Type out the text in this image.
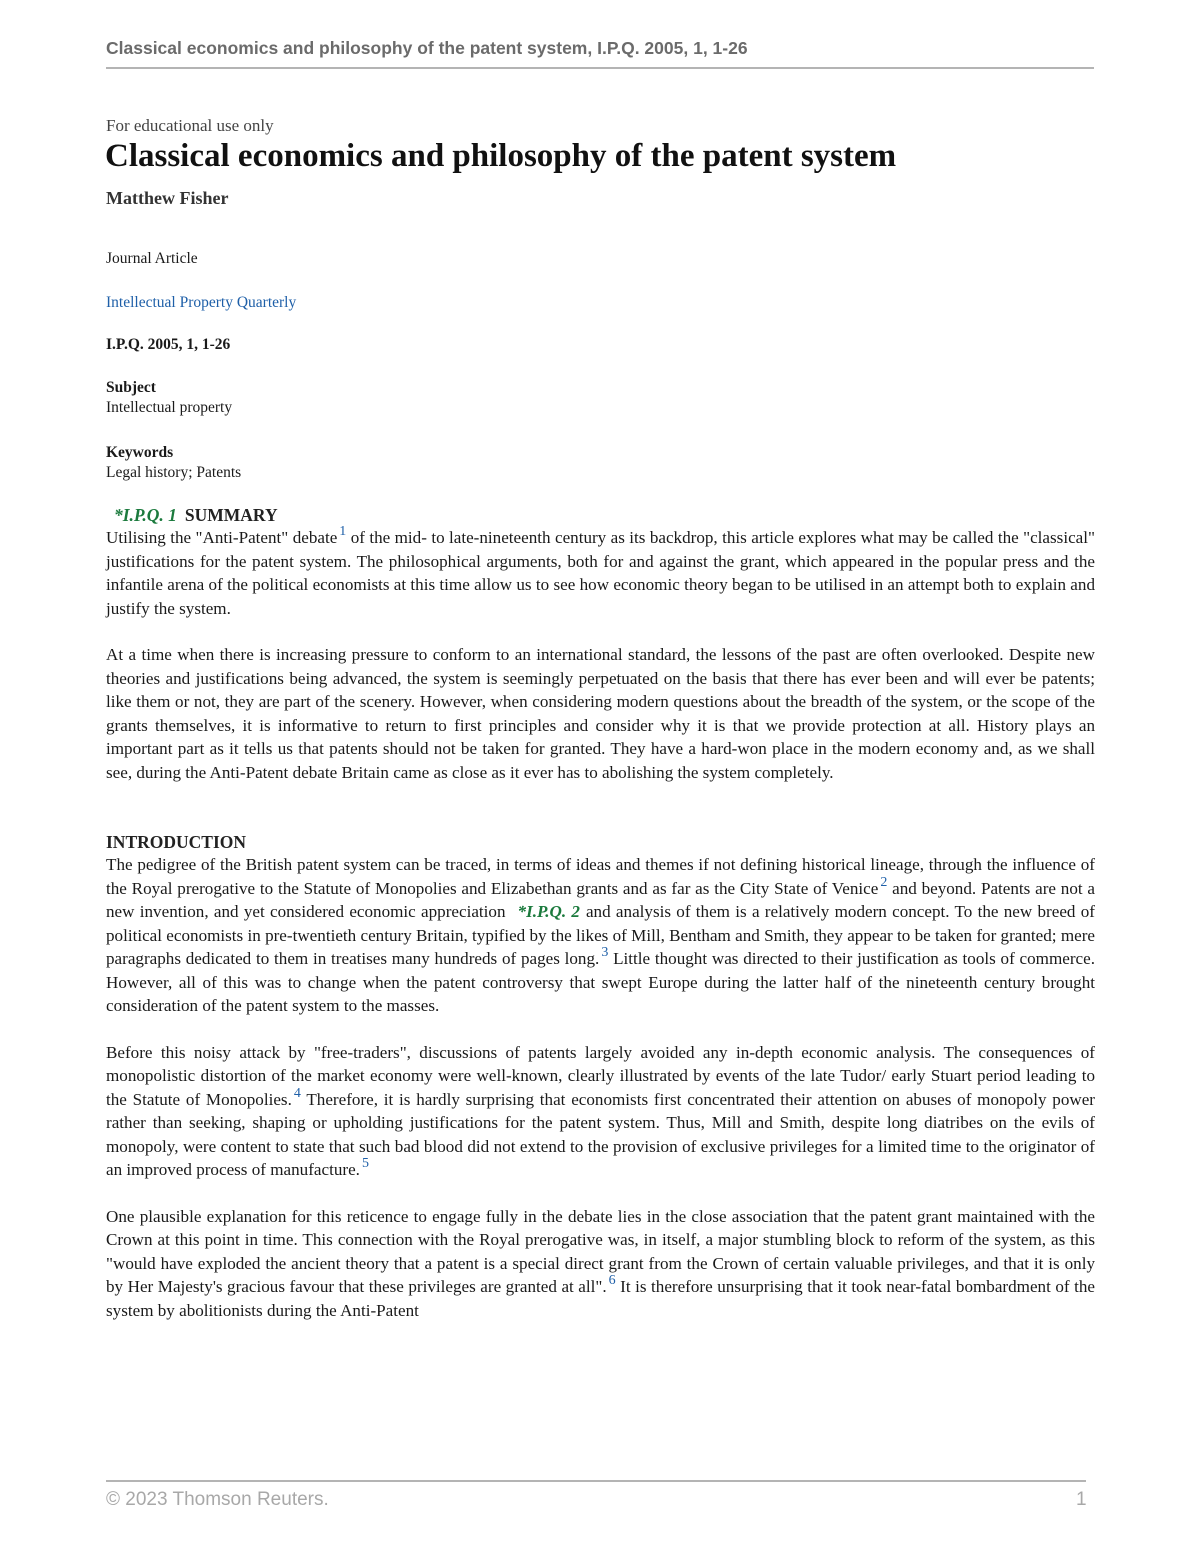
Classical economics and philosophy of the patent system, I.P.Q. 2005, 1, 1-26
For educational use only
Classical economics and philosophy of the patent system
Matthew Fisher
Journal Article
Intellectual Property Quarterly
I.P.Q. 2005, 1, 1-26
Subject
Intellectual property
Keywords
Legal history; Patents
*I.P.Q. 1 SUMMARY

Utilising the "Anti-Patent" debate $^1$ of the mid- to late-nineteenth century as its backdrop, this article explores what may be called the "classical" justifications for the patent system. The philosophical arguments, both for and against the grant, which appeared in the popular press and the infantile arena of the political economists at this time allow us to see how economic theory began to be utilised in an attempt both to explain and justify the system.

At a time when there is increasing pressure to conform to an international standard, the lessons of the past are often overlooked. Despite new theories and justifications being advanced, the system is seemingly perpetuated on the basis that there has ever been and will ever be patents; like them or not, they are part of the scenery. However, when considering modern questions about the breadth of the system, or the scope of the grants themselves, it is informative to return to first principles and consider why it is that we provide protection at all. History plays an important part as it tells us that patents should not be taken for granted. They have a hard-won place in the modern economy and, as we shall see, during the Anti-Patent debate Britain came as close as it ever has to abolishing the system completely.

INTRODUCTION

The pedigree of the British patent system can be traced, in terms of ideas and themes if not defining historical lineage, through the influence of the Royal prerogative to the Statute of Monopolies and Elizabethan grants and as far as the City State of Venice $^2$ and beyond. Patents are not a new invention, and yet considered economic appreciation *I.P.Q. 2 and analysis of them is a relatively modern concept. To the new breed of political economists in pre-twentieth century Britain, typified by the likes of Mill, Bentham and Smith, they appear to be taken for granted; mere paragraphs dedicated to them in treatises many hundreds of pages long. $^3$ Little thought was directed to their justification as tools of commerce. However, all of this was to change when the patent controversy that swept Europe during the latter half of the nineteenth century brought consideration of the patent system to the masses.

Before this noisy attack by "free-traders", discussions of patents largely avoided any in-depth economic analysis. The consequences of monopolistic distortion of the market economy were well-known, clearly illustrated by events of the late Tudor/ early Stuart period leading to the Statute of Monopolies. $^4$ Therefore, it is hardly surprising that economists first concentrated their attention on abuses of monopoly power rather than seeking, shaping or upholding justifications for the patent system. Thus, Mill and Smith, despite long diatribes on the evils of monopoly, were content to state that such bad blood did not extend to the provision of exclusive privileges for a limited time to the originator of an improved process of manufacture. $^5$

One plausible explanation for this reticence to engage fully in the debate lies in the close association that the patent grant maintained with the Crown at this point in time. This connection with the Royal prerogative was, in itself, a major stumbling block to reform of the system, as this "would have exploded the ancient theory that a patent is a special direct grant from the Crown of certain valuable privileges, and that it is only by Her Majesty's gracious favour that these privileges are granted at all". $^6$ It is therefore unsurprising that it took near-fatal bombardment of the system by abolitionists during the Anti-Patent

© 2023 Thomson Reuters.	1
